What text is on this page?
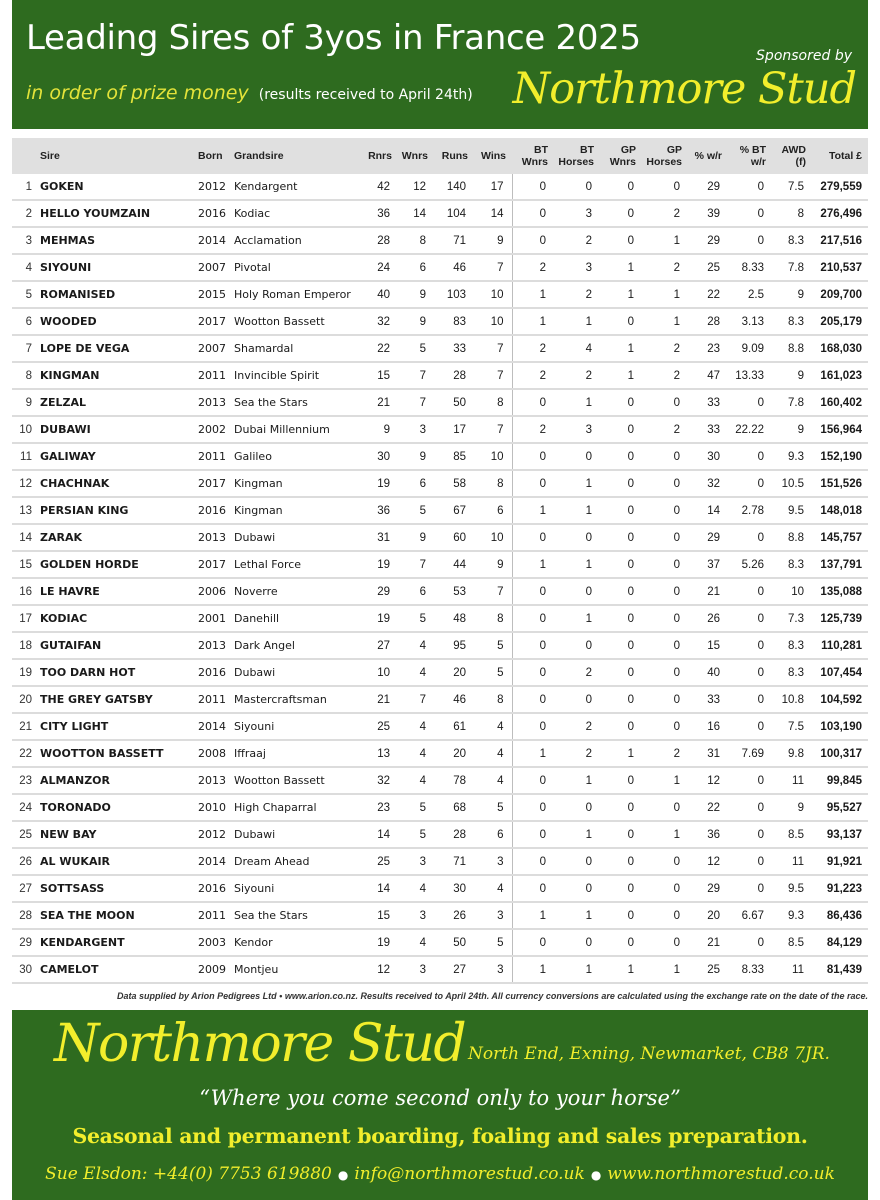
Leading Sires of 3yos in France 2025
in order of prize money (results received to April 24th)
Sponsored by
Northmore Stud
	Sire	Born	Grandsire	Rnrs	Wnrs	Runs	Wins	BT Wnrs	BT Horses	GP Wnrs	GP Horses	% w/r	% BT w/r	AWD (f)	Total £
1	GOKEN	2012	Kendargent	42	12	140	17	0	0	0	0	29	0	7.5	279,559
2	HELLO YOUMZAIN	2016	Kodiac	36	14	104	14	0	3	0	2	39	0	8	276,496
3	MEHMAS	2014	Acclamation	28	8	71	9	0	2	0	1	29	0	8.3	217,516
4	SIYOUNI	2007	Pivotal	24	6	46	7	2	3	1	2	25	8.33	7.8	210,537
5	ROMANISED	2015	Holy Roman Emperor	40	9	103	10	1	2	1	1	22	2.5	9	209,700
6	WOODED	2017	Wootton Bassett	32	9	83	10	1	1	0	1	28	3.13	8.3	205,179
7	LOPE DE VEGA	2007	Shamardal	22	5	33	7	2	4	1	2	23	9.09	8.8	168,030
8	KINGMAN	2011	Invincible Spirit	15	7	28	7	2	2	1	2	47	13.33	9	161,023
9	ZELZAL	2013	Sea the Stars	21	7	50	8	0	1	0	0	33	0	7.8	160,402
10	DUBAWI	2002	Dubai Millennium	9	3	17	7	2	3	0	2	33	22.22	9	156,964
11	GALIWAY	2011	Galileo	30	9	85	10	0	0	0	0	30	0	9.3	152,190
12	CHACHNAK	2017	Kingman	19	6	58	8	0	1	0	0	32	0	10.5	151,526
13	PERSIAN KING	2016	Kingman	36	5	67	6	1	1	0	0	14	2.78	9.5	148,018
14	ZARAK	2013	Dubawi	31	9	60	10	0	0	0	0	29	0	8.8	145,757
15	GOLDEN HORDE	2017	Lethal Force	19	7	44	9	1	1	0	0	37	5.26	8.3	137,791
16	LE HAVRE	2006	Noverre	29	6	53	7	0	0	0	0	21	0	10	135,088
17	KODIAC	2001	Danehill	19	5	48	8	0	1	0	0	26	0	7.3	125,739
18	GUTAIFAN	2013	Dark Angel	27	4	95	5	0	0	0	0	15	0	8.3	110,281
19	TOO DARN HOT	2016	Dubawi	10	4	20	5	0	2	0	0	40	0	8.3	107,454
20	THE GREY GATSBY	2011	Mastercraftsman	21	7	46	8	0	0	0	0	33	0	10.8	104,592
21	CITY LIGHT	2014	Siyouni	25	4	61	4	0	2	0	0	16	0	7.5	103,190
22	WOOTTON BASSETT	2008	Iffraaj	13	4	20	4	1	2	1	2	31	7.69	9.8	100,317
23	ALMANZOR	2013	Wootton Bassett	32	4	78	4	0	1	0	1	12	0	11	99,845
24	TORONADO	2010	High Chaparral	23	5	68	5	0	0	0	0	22	0	9	95,527
25	NEW BAY	2012	Dubawi	14	5	28	6	0	1	0	1	36	0	8.5	93,137
26	AL WUKAIR	2014	Dream Ahead	25	3	71	3	0	0	0	0	12	0	11	91,921
27	SOTTSASS	2016	Siyouni	14	4	30	4	0	0	0	0	29	0	9.5	91,223
28	SEA THE MOON	2011	Sea the Stars	15	3	26	3	1	1	0	0	20	6.67	9.3	86,436
29	KENDARGENT	2003	Kendor	19	4	50	5	0	0	0	0	21	0	8.5	84,129
30	CAMELOT	2009	Montjeu	12	3	27	3	1	1	1	1	25	8.33	11	81,439
Data supplied by Arion Pedigrees Ltd • www.arion.co.nz. Results received to April 24th. All currency conversions are calculated using the exchange rate on the date of the race.
Northmore Stud North End, Exning, Newmarket, CB8 7JR.
“Where you come second only to your horse”
Seasonal and permanent boarding, foaling and sales preparation.
Sue Elsdon: +44(0) 7753 619880 ● info@northmorestud.co.uk ● www.northmorestud.co.uk
